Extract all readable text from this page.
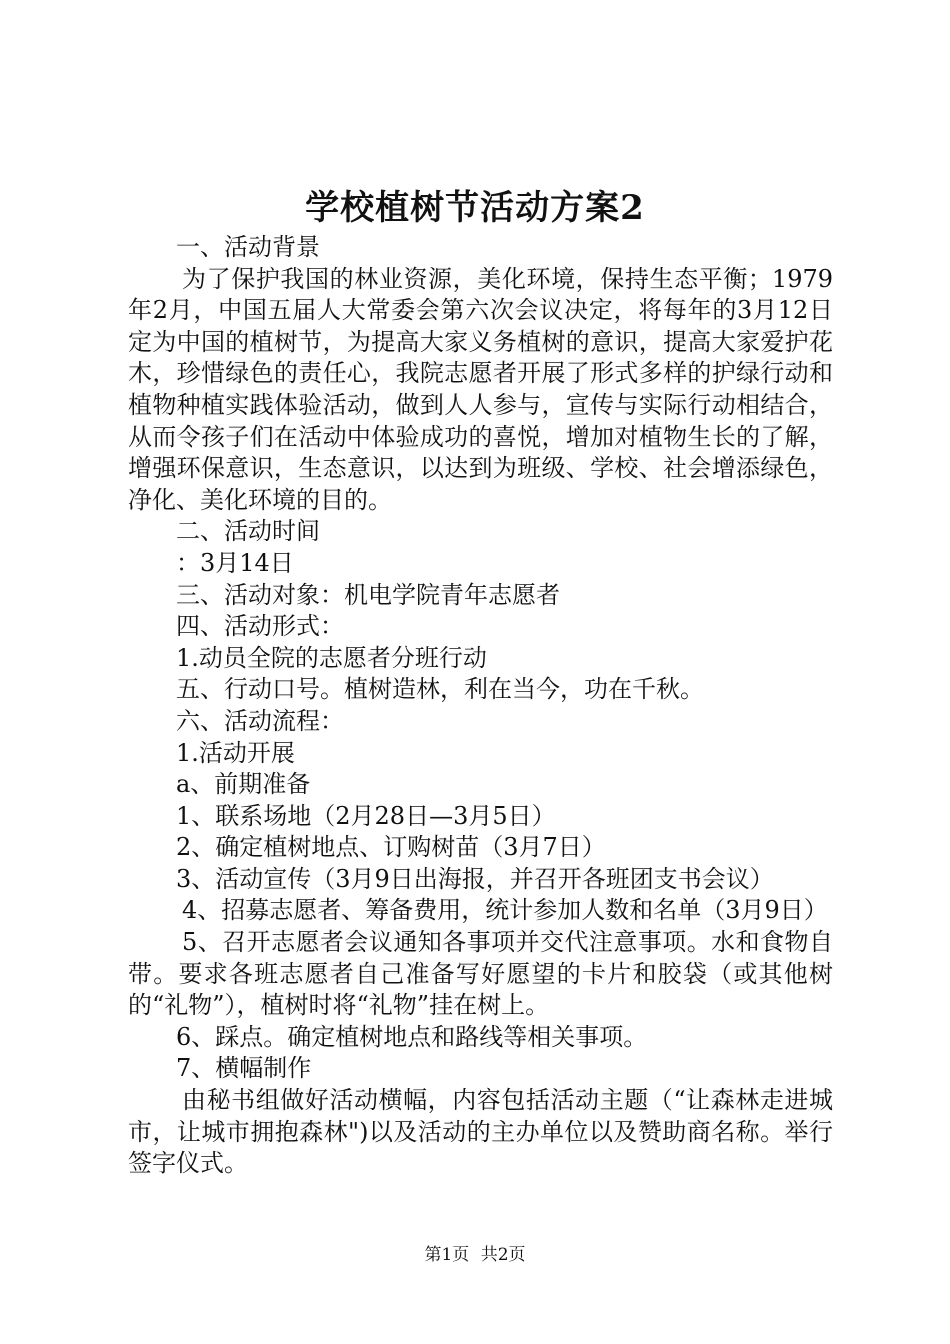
学校植树节活动方案2

一、活动背景

为了保护我国的林业资源，美化环境，保持生态平衡；1979年2月，中国五届人大常委会第六次会议决定，将每年的3月12日定为中国的植树节，为提高大家义务植树的意识，提高大家爱护花木，珍惜绿色的责任心，我院志愿者开展了形式多样的护绿行动和植物种植实践体验活动，做到人人参与，宣传与实际行动相结合，从而令孩子们在活动中体验成功的喜悦，增加对植物生长的了解，增强环保意识，生态意识，以达到为班级、学校、社会增添绿色，净化、美化环境的目的。

二、活动时间

：3月14日

三、活动对象：机电学院青年志愿者

四、活动形式：

1.动员全院的志愿者分班行动

五、行动口号。植树造林，利在当今，功在千秋。

六、活动流程：

1.活动开展

a、前期准备

1、联系场地（2月28日—3月5日）

2、确定植树地点、订购树苗（3月7日）

3、活动宣传（3月9日出海报，并召开各班团支书会议）

4、招募志愿者、筹备费用，统计参加人数和名单（3月9日）

5、召开志愿者会议通知各事项并交代注意事项。水和食物自带。要求各班志愿者自己准备写好愿望的卡片和胶袋（或其他树的“礼物”），植树时将“礼物”挂在树上。

6、踩点。确定植树地点和路线等相关事项。

7、横幅制作

由秘书组做好活动横幅，内容包括活动主题（“让森林走进城市，让城市拥抱森林")以及活动的主办单位以及赞助商名称。举行签字仪式。

第1页 共2页
